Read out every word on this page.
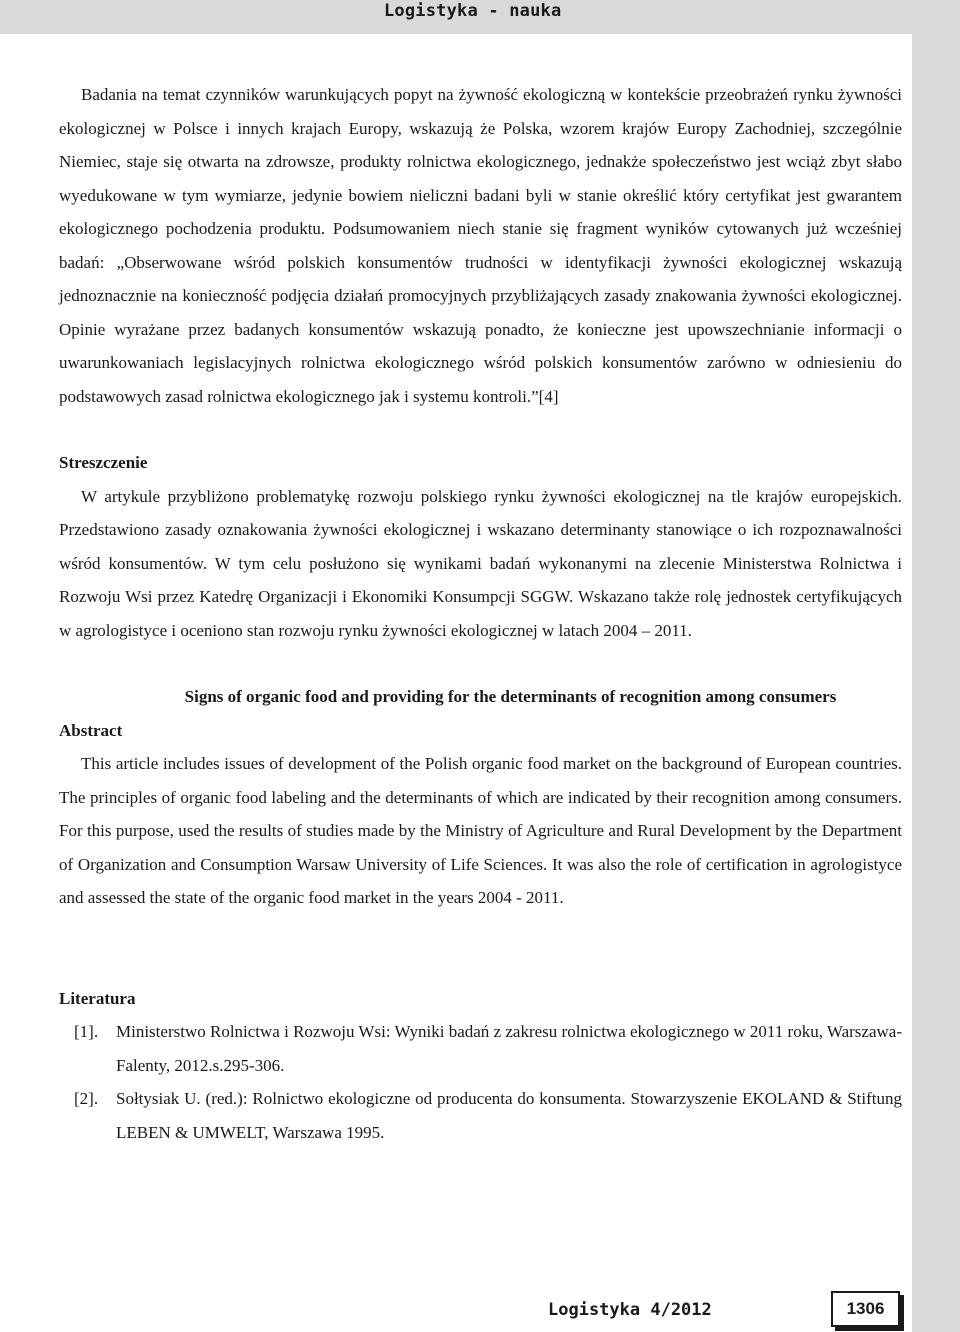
Logistyka - nauka

Badania na temat czynników warunkujących popyt na żywność ekologiczną w kontekście przeobrażeń rynku żywności ekologicznej w Polsce i innych krajach Europy, wskazują że Polska, wzorem krajów Europy Zachodniej, szczególnie Niemiec, staje się otwarta na zdrowsze, produkty rolnictwa ekologicznego, jednakże społeczeństwo jest wciąż zbyt słabo wyedukowane w tym wymiarze, jedynie bowiem nieliczni badani byli w stanie określić który certyfikat jest gwarantem ekologicznego pochodzenia produktu. Podsumowaniem niech stanie się fragment wyników cytowanych już wcześniej badań: „Obserwowane wśród polskich konsumentów trudności w identyfikacji żywności ekologicznej wskazują jednoznacznie na konieczność podjęcia działań promocyjnych przybliżających zasady znakowania żywności ekologicznej. Opinie wyrażane przez badanych konsumentów wskazują ponadto, że konieczne jest upowszechnianie informacji o uwarunkowaniach legislacyjnych rolnictwa ekologicznego wśród polskich konsumentów zarówno w odniesieniu do podstawowych zasad rolnictwa ekologicznego jak i systemu kontroli.”[4]

Streszczenie

W artykule przybliżono problematykę rozwoju polskiego rynku żywności ekologicznej na tle krajów europejskich. Przedstawiono zasady oznakowania żywności ekologicznej i wskazano determinanty stanowiące o ich rozpoznawalności wśród konsumentów. W tym celu posłużono się wynikami badań wykonanymi na zlecenie Ministerstwa Rolnictwa i Rozwoju Wsi przez Katedrę Organizacji i Ekonomiki Konsumpcji SGGW. Wskazano także rolę jednostek certyfikujących w agrologistyce i oceniono stan rozwoju rynku żywności ekologicznej w latach 2004 – 2011.

Signs of organic food and providing for the determinants of recognition among consumers

Abstract

This article includes issues of development of the Polish organic food market on the background of European countries. The principles of organic food labeling and the determinants of which are indicated by their recognition among consumers. For this purpose, used the results of studies made by the Ministry of Agriculture and Rural Development by the Department of Organization and Consumption Warsaw University of Life Sciences. It was also the role of certification in agrologistyce and assessed the state of the organic food market in the years 2004 - 2011.

Literatura

[1].	Ministerstwo Rolnictwa i Rozwoju Wsi: Wyniki badań z zakresu rolnictwa ekologicznego w 2011 roku, Warszawa-Falenty, 2012.s.295-306.
[2].	Sołtysiak U. (red.): Rolnictwo ekologiczne od producenta do konsumenta. Stowarzyszenie EKOLAND & Stiftung LEBEN & UMWELT, Warszawa 1995.
Logistyka 4/2012	1306
